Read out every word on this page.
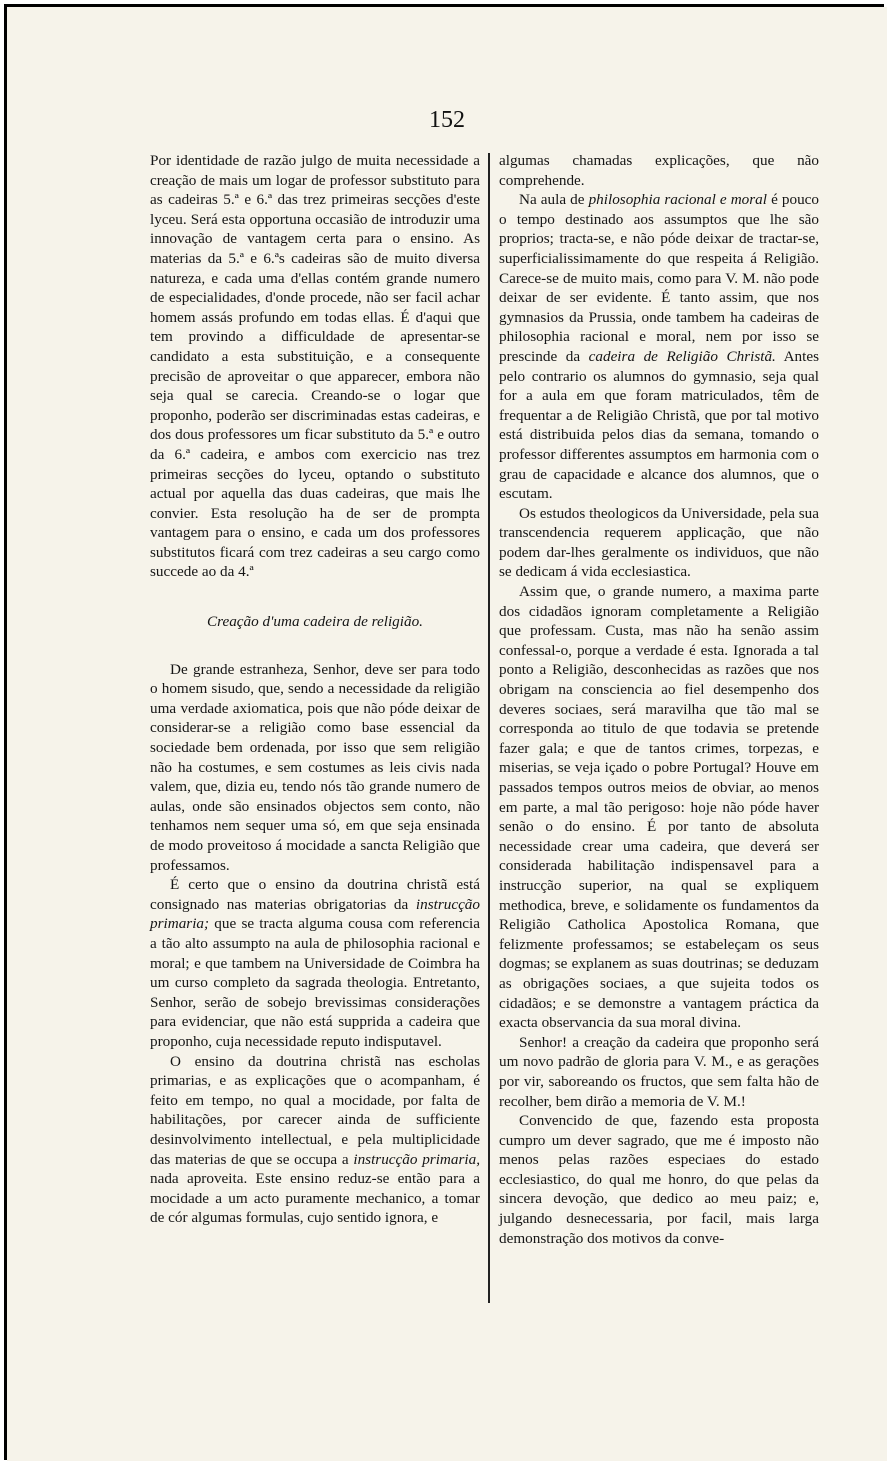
152

Por identidade de razão julgo de muita necessidade a creação de mais um logar de professor substituto para as cadeiras 5.ª e 6.ª das trez primeiras secções d'este lyceu. Será esta opportuna occasião de introduzir uma innovação de vantagem certa para o ensino. As materias da 5.ª e 6.ªs cadeiras são de muito diversa natureza, e cada uma d'ellas contém grande numero de especialidades, d'onde procede, não ser facil achar homem assás profundo em todas ellas. É d'aqui que tem provindo a difficuldade de apresentar-se candidato a esta substituição, e a consequente precisão de aproveitar o que apparecer, embora não seja qual se carecia. Creando-se o logar que proponho, poderão ser discriminadas estas cadeiras, e dos dous professores um ficar substituto da 5.ª e outro da 6.ª cadeira, e ambos com exercicio nas trez primeiras secções do lyceu, optando o substituto actual por aquella das duas cadeiras, que mais lhe convier. Esta resolução ha de ser de prompta vantagem para o ensino, e cada um dos professores substitutos ficará com trez cadeiras a seu cargo como succede ao da 4.ª

Creação d'uma cadeira de religião.

De grande estranheza, Senhor, deve ser para todo o homem sisudo, que, sendo a necessidade da religião uma verdade axiomatica, pois que não póde deixar de considerar-se a religião como base essencial da sociedade bem ordenada, por isso que sem religião não ha costumes, e sem costumes as leis civis nada valem, que, dizia eu, tendo nós tão grande numero de aulas, onde são ensinados objectos sem conto, não tenhamos nem sequer uma só, em que seja ensinada de modo proveitoso á mocidade a sancta Religião que professamos.

É certo que o ensino da doutrina christã está consignado nas materias obrigatorias da instrucção primaria; que se tracta alguma cousa com referencia a tão alto assumpto na aula de philosophia racional e moral; e que tambem na Universidade de Coimbra ha um curso completo da sagrada theologia. Entretanto, Senhor, serão de sobejo brevissimas considerações para evidenciar, que não está supprida a cadeira que proponho, cuja necessidade reputo indisputavel.

O ensino da doutrina christã nas escholas primarias, e as explicações que o acompanham, é feito em tempo, no qual a mocidade, por falta de habilitações, por carecer ainda de sufficiente desinvolvimento intellectual, e pela multiplicidade das materias de que se occupa a instrucção primaria, nada aproveita. Este ensino reduz-se então para a mocidade a um acto puramente mechanico, a tomar de cór algumas formulas, cujo sentido ignora, e

algumas chamadas explicações, que não comprehende.

Na aula de philosophia racional e moral é pouco o tempo destinado aos assumptos que lhe são proprios; tracta-se, e não póde deixar de tractar-se, superficialissimamente do que respeita á Religião. Carece-se de muito mais, como para V. M. não pode deixar de ser evidente. É tanto assim, que nos gymnasios da Prussia, onde tambem ha cadeiras de philosophia racional e moral, nem por isso se prescinde da cadeira de Religião Christã. Antes pelo contrario os alumnos do gymnasio, seja qual for a aula em que foram matriculados, têm de frequentar a de Religião Christã, que por tal motivo está distribuida pelos dias da semana, tomando o professor differentes assumptos em harmonia com o grau de capacidade e alcance dos alumnos, que o escutam.

Os estudos theologicos da Universidade, pela sua transcendencia requerem applicação, que não podem dar-lhes geralmente os individuos, que não se dedicam á vida ecclesiastica.

Assim que, o grande numero, a maxima parte dos cidadãos ignoram completamente a Religião que professam. Custa, mas não ha senão assim confessal-o, porque a verdade é esta. Ignorada a tal ponto a Religião, desconhecidas as razões que nos obrigam na consciencia ao fiel desempenho dos deveres sociaes, será maravilha que tão mal se corresponda ao titulo de que todavia se pretende fazer gala; e que de tantos crimes, torpezas, e miserias, se veja içado o pobre Portugal? Houve em passados tempos outros meios de obviar, ao menos em parte, a mal tão perigoso: hoje não póde haver senão o do ensino. É por tanto de absoluta necessidade crear uma cadeira, que deverá ser considerada habilitação indispensavel para a instrucção superior, na qual se expliquem methodica, breve, e solidamente os fundamentos da Religião Catholica Apostolica Romana, que felizmente professamos; se estabeleçam os seus dogmas; se explanem as suas doutrinas; se deduzam as obrigações sociaes, a que sujeita todos os cidadãos; e se demonstre a vantagem práctica da exacta observancia da sua moral divina.

Senhor! a creação da cadeira que proponho será um novo padrão de gloria para V. M., e as gerações por vir, saboreando os fructos, que sem falta hão de recolher, bem dirão a memoria de V. M.!

Convencido de que, fazendo esta proposta cumpro um dever sagrado, que me é imposto não menos pelas razões especiaes do estado ecclesiastico, do qual me honro, do que pelas da sincera devoção, que dedico ao meu paiz; e, julgando desnecessaria, por facil, mais larga demonstração dos motivos da conve-
